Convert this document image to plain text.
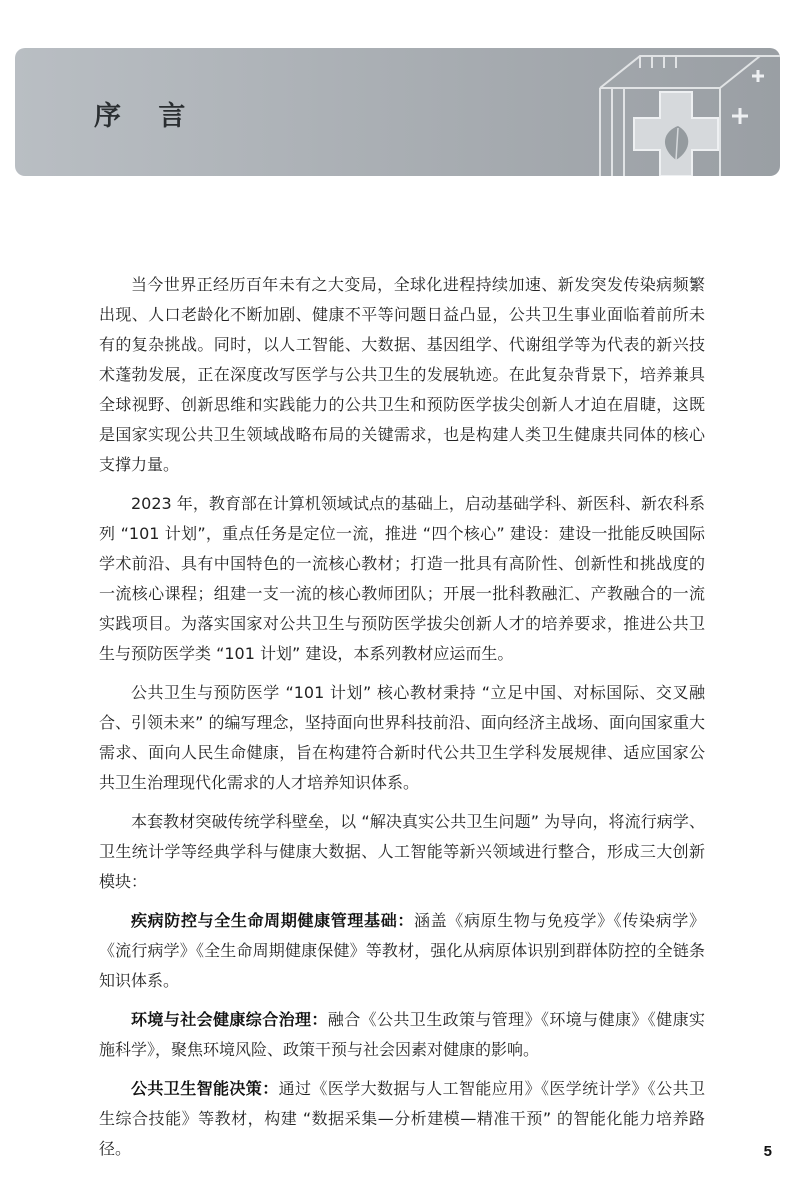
序 言

当今世界正经历百年未有之大变局，全球化进程持续加速、新发突发传染病频繁出现、人口老龄化不断加剧、健康不平等问题日益凸显，公共卫生事业面临着前所未有的复杂挑战。同时，以人工智能、大数据、基因组学、代谢组学等为代表的新兴技术蓬勃发展，正在深度改写医学与公共卫生的发展轨迹。在此复杂背景下，培养兼具全球视野、创新思维和实践能力的公共卫生和预防医学拔尖创新人才迫在眉睫，这既是国家实现公共卫生领域战略布局的关键需求，也是构建人类卫生健康共同体的核心支撑力量。

2023 年，教育部在计算机领域试点的基础上，启动基础学科、新医科、新农科系列 “101 计划”，重点任务是定位一流，推进 “四个核心” 建设：建设一批能反映国际学术前沿、具有中国特色的一流核心教材；打造一批具有高阶性、创新性和挑战度的一流核心课程；组建一支一流的核心教师团队；开展一批科教融汇、产教融合的一流实践项目。为落实国家对公共卫生与预防医学拔尖创新人才的培养要求，推进公共卫生与预防医学类 “101 计划” 建设，本系列教材应运而生。

公共卫生与预防医学 “101 计划” 核心教材秉持 “立足中国、对标国际、交叉融合、引领未来” 的编写理念，坚持面向世界科技前沿、面向经济主战场、面向国家重大需求、面向人民生命健康，旨在构建符合新时代公共卫生学科发展规律、适应国家公共卫生治理现代化需求的人才培养知识体系。

本套教材突破传统学科壁垒，以 “解决真实公共卫生问题” 为导向，将流行病学、卫生统计学等经典学科与健康大数据、人工智能等新兴领域进行整合，形成三大创新模块：

疾病防控与全生命周期健康管理基础：涵盖《病原生物与免疫学》《传染病学》《流行病学》《全生命周期健康保健》等教材，强化从病原体识别到群体防控的全链条知识体系。

环境与社会健康综合治理：融合《公共卫生政策与管理》《环境与健康》《健康实施科学》，聚焦环境风险、政策干预与社会因素对健康的影响。

公共卫生智能决策：通过《医学大数据与人工智能应用》《医学统计学》《公共卫生综合技能》等教材，构建 “数据采集—分析建模—精准干预” 的智能化能力培养路径。	5
